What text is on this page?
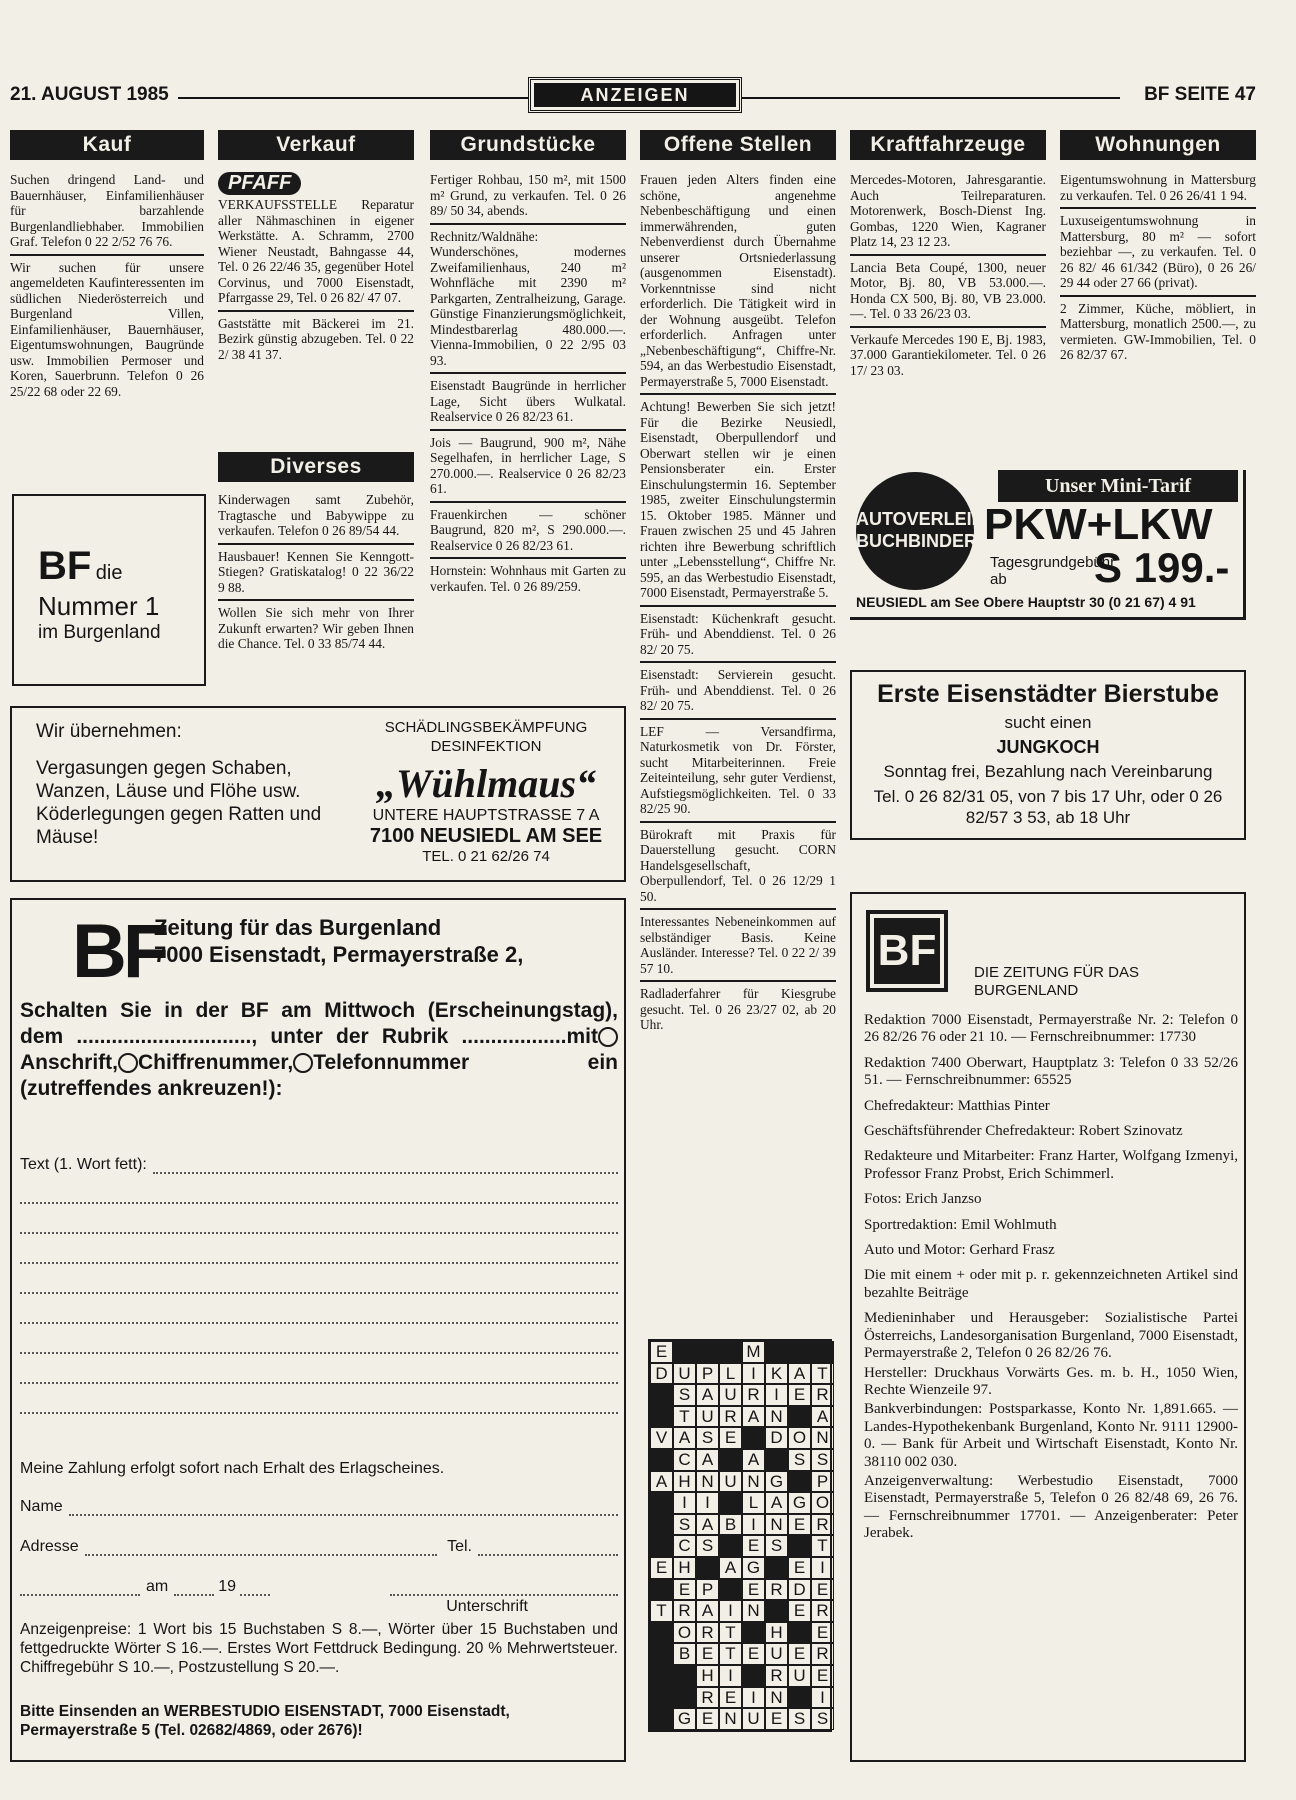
21. AUGUST 1985	ANZEIGEN	BF SEITE 47
Kauf	Verkauf	Grundstücke	Offene Stellen	Kraftfahrzeuge	Wohnungen
Suchen dringend Land- und Bauernhäuser, Einfamilienhäuser für barzahlende Burgenlandliebhaber. Immobilien Graf. Telefon 0 22 2/52 76 76.
Wir suchen für unsere angemeldeten Kaufinteressenten im südlichen Niederösterreich und Burgenland Villen, Einfamilienhäuser, Bauernhäuser, Eigentumswohnungen, Baugründe usw. Immobilien Permoser und Koren, Sauerbrunn. Telefon 0 26 25/22 68 oder 22 69.
BF die
Nummer 1
im Burgenland
PFAFF
VERKAUFSSTELLE Reparatur aller Nähmaschinen in eigener Werkstätte. A. Schramm, 2700 Wiener Neustadt, Bahngasse 44, Tel. 0 26 22/46 35, gegenüber Hotel Corvinus, und 7000 Eisenstadt, Pfarrgasse 29, Tel. 0 26 82/ 47 07.
Gaststätte mit Bäckerei im 21. Bezirk günstig abzugeben. Tel. 0 22 2/ 38 41 37.
Diverses
Kinderwagen samt Zubehör, Tragtasche und Babywippe zu verkaufen. Telefon 0 26 89/54 44.
Hausbauer! Kennen Sie Kenngott-Stiegen? Gratiskatalog! 0 22 36/22 9 88.
Wollen Sie sich mehr von Ihrer Zukunft erwarten? Wir geben Ihnen die Chance. Tel. 0 33 85/74 44.
Fertiger Rohbau, 150 m², mit 1500 m² Grund, zu verkaufen. Tel. 0 26 89/ 50 34, abends.
Rechnitz/Waldnähe: Wunderschönes, modernes Zweifamilienhaus, 240 m² Wohnfläche mit 2390 m² Parkgarten, Zentralheizung, Garage. Günstige Finanzierungsmöglichkeit, Mindestbarerlag 480.000.—. Vienna-Immobilien, 0 22 2/95 03 93.
Eisenstadt Baugründe in herrlicher Lage, Sicht übers Wulkatal. Realservice 0 26 82/23 61.
Jois — Baugrund, 900 m², Nähe Segelhafen, in herrlicher Lage, S 270.000.—. Realservice 0 26 82/23 61.
Frauenkirchen — schöner Baugrund, 820 m², S 290.000.—. Realservice 0 26 82/23 61.
Hornstein: Wohnhaus mit Garten zu verkaufen. Tel. 0 26 89/259.
Frauen jeden Alters finden eine schöne, angenehme Nebenbeschäftigung und einen immerwährenden, guten Nebenverdienst durch Übernahme unserer Ortsniederlassung (ausgenommen Eisenstadt). Vorkenntnisse sind nicht erforderlich. Die Tätigkeit wird in der Wohnung ausgeübt. Telefon erforderlich. Anfragen unter „Nebenbeschäftigung“, Chiffre-Nr. 594, an das Werbestudio Eisenstadt, Permayerstraße 5, 7000 Eisenstadt.
Achtung! Bewerben Sie sich jetzt! Für die Bezirke Neusiedl, Eisenstadt, Oberpullendorf und Oberwart stellen wir je einen Pensionsberater ein. Erster Einschulungstermin 16. September 1985, zweiter Einschulungstermin 15. Oktober 1985. Männer und Frauen zwischen 25 und 45 Jahren richten ihre Bewerbung schriftlich unter „Lebensstellung“, Chiffre Nr. 595, an das Werbestudio Eisenstadt, 7000 Eisenstadt, Permayerstraße 5.
Eisenstadt: Küchenkraft gesucht. Früh- und Abenddienst. Tel. 0 26 82/ 20 75.
Eisenstadt: Servierein gesucht. Früh- und Abenddienst. Tel. 0 26 82/ 20 75.
LEF — Versandfirma, Naturkosmetik von Dr. Förster, sucht Mitarbeiterinnen. Freie Zeiteinteilung, sehr guter Verdienst, Aufstiegsmöglichkeiten. Tel. 0 33 82/25 90.
Bürokraft mit Praxis für Dauerstellung gesucht. CORN Handelsgesellschaft, Oberpullendorf, Tel. 0 26 12/29 1 50.
Interessantes Nebeneinkommen auf selbständiger Basis. Keine Ausländer. Interesse? Tel. 0 22 2/ 39 57 10.
Radladerfahrer für Kiesgrube gesucht. Tel. 0 26 23/27 02, ab 20 Uhr.
Mercedes-Motoren, Jahresgarantie. Auch Teilreparaturen. Motorenwerk, Bosch-Dienst Ing. Gombas, 1220 Wien, Kagraner Platz 14, 23 12 23.
Lancia Beta Coupé, 1300, neuer Motor, Bj. 80, VB 53.000.—. Honda CX 500, Bj. 80, VB 23.000.—. Tel. 0 33 26/23 03.
Verkaufe Mercedes 190 E, Bj. 1983, 37.000 Garantiekilometer. Tel. 0 26 17/ 23 03.
Eigentumswohnung in Mattersburg zu verkaufen. Tel. 0 26 26/41 1 94.
Luxuseigentumswohnung in Mattersburg, 80 m² — sofort beziehbar —, zu verkaufen. Tel. 0 26 82/ 46 61/342 (Büro), 0 26 26/ 29 44 oder 27 66 (privat).
2 Zimmer, Küche, möbliert, in Mattersburg, monatlich 2500.—, zu vermieten. GW-Immobilien, Tel. 0 26 82/37 67.
AUTOVERLEIH BUCHBINDER
Unser Mini-Tarif
PKW+LKW
Tagesgrundgebühr ab	S 199.-
NEUSIEDL am See Obere Hauptstr 30 (0 21 67) 4 91
Erste Eisenstädter Bierstube
sucht einen
JUNGKOCH
Sonntag frei, Bezahlung nach Vereinbarung
Tel. 0 26 82/31 05, von 7 bis 17 Uhr, oder 0 26 82/57 3 53, ab 18 Uhr
Wir übernehmen:
Vergasungen gegen Schaben, Wanzen, Läuse und Flöhe usw.
Köderlegungen gegen Ratten und Mäuse!
SCHÄDLINGSBEKÄMPFUNG DESINFEKTION
„Wühlmaus“
UNTERE HAUPTSTRASSE 7 A
7100 NEUSIEDL AM SEE
TEL. 0 21 62/26 74
BF
Zeitung für das Burgenland
7000 Eisenstadt, Permayerstraße 2,
Schalten Sie in der BF am Mittwoch (Erscheinungstag), dem .............................., unter der Rubrik ..................mitAnschrift, Chiffrenummer, Telefonnummer ein (zutreffendes ankreuzen!):
Text (1. Wort fett):
Meine Zahlung erfolgt sofort nach Erhalt des Erlagscheines.
Name
Adresse	Tel.
am	19
Unterschrift
Anzeigenpreise: 1 Wort bis 15 Buchstaben S 8.—, Wörter über 15 Buchstaben und fettgedruckte Wörter S 16.—. Erstes Wort Fettdruck Bedingung. 20 % Mehrwertsteuer. Chiffregebühr S 10.—, Postzustellung S 20.—.
Bitte Einsenden an WERBESTUDIO EISENSTADT, 7000 Eisenstadt, Permayerstraße 5 (Tel. 02682/4869, oder 2676)!
E	M
D U P L I K A T
S A U R I E R
T U R A N	A
V A S E	D O N
C A	A	S S
A H N U N G	P
I	I	L A G O
S A B I N E R
C S	E S	T
E H	A G	E I
E P	E R D E
T R A I N	E R
O R T	H	E
B E T E U E R
H I	R U E
R E I N	I
G E N U E S S
BF	DIE ZEITUNG FÜR DAS BURGENLAND
Redaktion 7000 Eisenstadt, Permayerstraße Nr. 2: Telefon 0 26 82/26 76 oder 21 10. — Fernschreibnummer: 17730
Redaktion 7400 Oberwart, Hauptplatz 3: Telefon 0 33 52/26 51. — Fernschreibnummer: 65525
Chefredakteur: Matthias Pinter
Geschäftsführender Chefredakteur: Robert Szinovatz
Redakteure und Mitarbeiter: Franz Harter, Wolfgang Izmenyi, Professor Franz Probst, Erich Schimmerl.
Fotos: Erich Janzso
Sportredaktion: Emil Wohlmuth
Auto und Motor: Gerhard Frasz
Die mit einem + oder mit p. r. gekennzeichneten Artikel sind bezahlte Beiträge
Medieninhaber und Herausgeber: Sozialistische Partei Österreichs, Landesorganisation Burgenland, 7000 Eisenstadt, Permayerstraße 2, Telefon 0 26 82/26 76.
Hersteller: Druckhaus Vorwärts Ges. m. b. H., 1050 Wien, Rechte Wienzeile 97.
Bankverbindungen: Postsparkasse, Konto Nr. 1,891.665. — Landes-Hypothekenbank Burgenland, Konto Nr. 9111 12900-0. — Bank für Arbeit und Wirtschaft Eisenstadt, Konto Nr. 38110 002 030.
Anzeigenverwaltung: Werbestudio Eisenstadt, 7000 Eisenstadt, Permayerstraße 5, Telefon 0 26 82/48 69, 26 76. — Fernschreibnummer 17701. — Anzeigenberater: Peter Jerabek.
